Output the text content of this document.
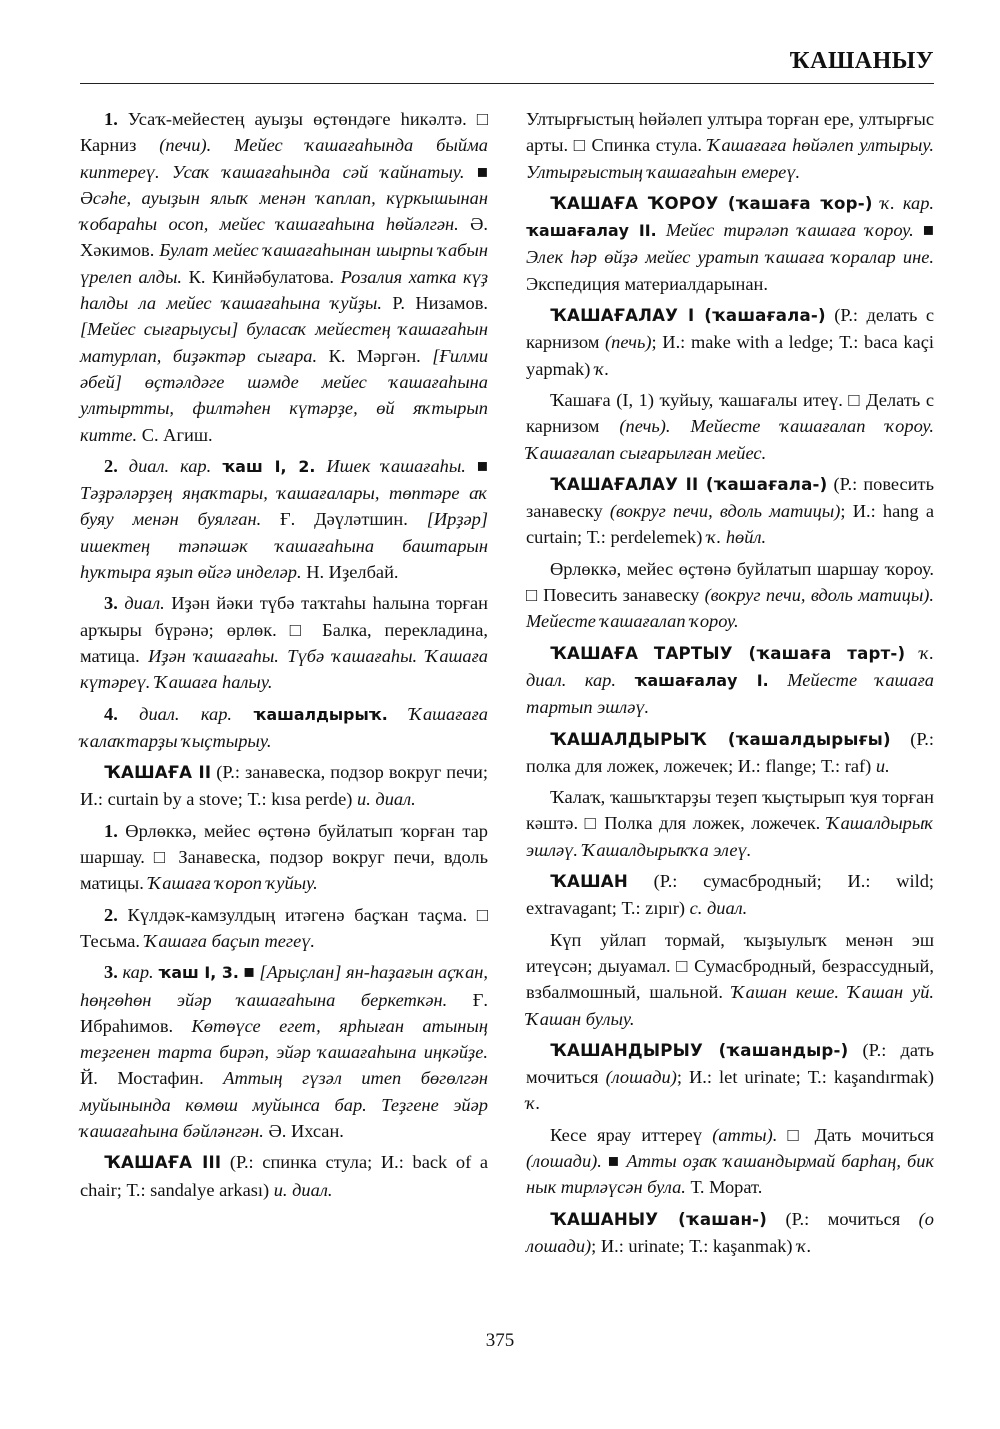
ҠАШАНЫУ

1. Усаҡ-мейестең ауыҙы өҫтөндәге һикәлтә. □ Карниз (печи). Мейес ҡашағаһында быйма киптереү. Усаҡ ҡашағаһында сәй ҡайнатыу. ■ Әсәһе, ауыҙын ялыҡ менән ҡаплап, күркышынан ҡобараһы осоп, мейес ҡашағаһына һөйәлгән. Ә. Хәкимов. Булат мейес ҡашағаһынан шырпы ҡабын үрелеп алды. К. Кинйәбулатова. Розалия хатка күҙ һалды ла мейес ҡашағаһына ҡуйҙы. Р. Низамов. [Мейес сығарыусы] буласаҡ мейестең ҡашағаһын матурлап, биҙәктәр сығара. К. Мәргән. [Ғилми әбей] өҫтәлдәге шәмде мейес ҡашағаһына ултыртты, филтәһен күтәрҙе, өй яҡтырып китте. С. Агиш.

2. диал. кар. ҡаш I, 2. Ишек ҡашағаһы. ■ Тәҙрәләрҙең яңаҡтары, ҡашағалары, төптәре аҡ буяу менән буялған. Ғ. Дәүләтшин. [Ирҙәр] ишектең тәпәшәк ҡашағаһына баштарын һуҡтыра яҙып өйгә инделәр. Н. Иҙелбай.

3. диал. Иҙән йәки түбә таҡтаһы һалына торған арҡыры бүрәнә; өрлөк. □ Балка, перекладина, матица. Иҙән ҡашағаһы. Түбә ҡашағаһы. Ҡашаға күтәреү. Ҡашаға һалыу.

4. диал. кар. ҡашалдырыҡ. Ҡашағаға ҡалаҡтарҙы ҡыҫтырыу.

ҠАШАҒА II (Р.: занавеска, подзор вокруг печи; И.: curtain by a stove; Т.: kısa perde) и. диал.

1. Өрлөккә, мейес өҫтөнә буйлатып ҡорған тар шаршау. □ Занавеска, подзор вокруг печи, вдоль матицы. Ҡашаға ҡороп ҡуйыу.

2. Күлдәк-камзулдың итәгенә баҫҡан таҫма. □ Тесьма. Ҡашаға баҫып тегеү.

3. кар. ҡаш I, 3. ■ [Арыҫлан] ян-һаҙағын аҫҡан, һөңгөһөн эйәр ҡашағаһына беркеткән. Ғ. Ибраһимов. Көтөүсе егет, ярһыған атының теҙгенен тарта бирәп, эйәр ҡашағаһына иңкәйҙе. Й. Мостафин. Аттың гүзәл итеп бөгөлгән муйынында көмөш муйынса бар. Теҙгене эйәр ҡашағаһына бәйләнгән. Ә. Ихсан.

ҠАШАҒА III (Р.: спинка стула; И.: back of a chair; Т.: sandalye arkası) и. диал.

Ултырғыстың һөйәлеп ултыра торған ере, ултырғыс арты. □ Спинка стула. Ҡашағаға һөйәлеп ултырыу. Ултырғыстың ҡашағаһын емереү.

ҠАШАҒА ҠОРОУ (ҡашаға ҡор-) ҡ. кар. ҡашағалау II. Мейес тирәләп ҡашаға ҡороу. ■ Элек һәр өйҙә мейес уратып ҡашаға ҡоралар ине. Экспедиция материалдарынан.

ҠАШАҒАЛАУ I (ҡашағала-) (Р.: делать с карнизом (печь); И.: make with a ledge; Т.: baca kaçi yapmak) ҡ.

Ҡашаға (I, 1) ҡуйыу, ҡашағалы итеү. □ Делать с карнизом (печь). Мейесте ҡашағалап ҡороу. Ҡашағалап сығарылған мейес.

ҠАШАҒАЛАУ II (ҡашағала-) (Р.: повесить занавеску (вокруг печи, вдоль матицы); И.: hang a curtain; Т.: perdelemek) ҡ. һөйл.

Өрлөккә, мейес өҫтөнә буйлатып шаршау ҡороу. □ Повесить занавеску (вокруг печи, вдоль матицы). Мейесте ҡашағалап ҡороу.

ҠАШАҒА ТАРТЫУ (ҡашаға тарт-) ҡ. диал. кар. ҡашағалау I. Мейесте ҡашаға тартып эшләү.

ҠАШАЛДЫРЫҠ (ҡашалдырығы) (Р.: полка для ложек, ложечек; И.: flange; Т.: raf) и.

Ҡалаҡ, ҡашыҡтарҙы теҙеп ҡыҫтырып ҡуя торған кәштә. □ Полка для ложек, ложечек. Ҡашалдырыҡ эшләү. Ҡашалдырыҡҡа элеү.

ҠАШАН (Р.: сумасбродный; И.: wild; extravagant; Т.: zıpır) с. диал.

Күп уйлап тормай, ҡыҙыулыҡ менән эш итеүсән; дыуамал. □ Сумасбродный, безрассудный, взбалмошный, шальной. Ҡашан кеше. Ҡашан уй. Ҡашан булыу.

ҠАШАНДЫРЫУ (ҡашандыр-) (Р.: дать мочиться (лошади); И.: let urinate; Т.: kaşandırmak) ҡ.

Кесе ярау иттереү (атты). □ Дать мочиться (лошади). ■ Атты оҙаҡ ҡашандырмай барһаң, бик нык тирләүсән була. Т. Морат.

ҠАШАНЫУ (ҡашан-) (Р.: мочиться (о лошади); И.: urinate; Т.: kaşanmak) ҡ.

375
